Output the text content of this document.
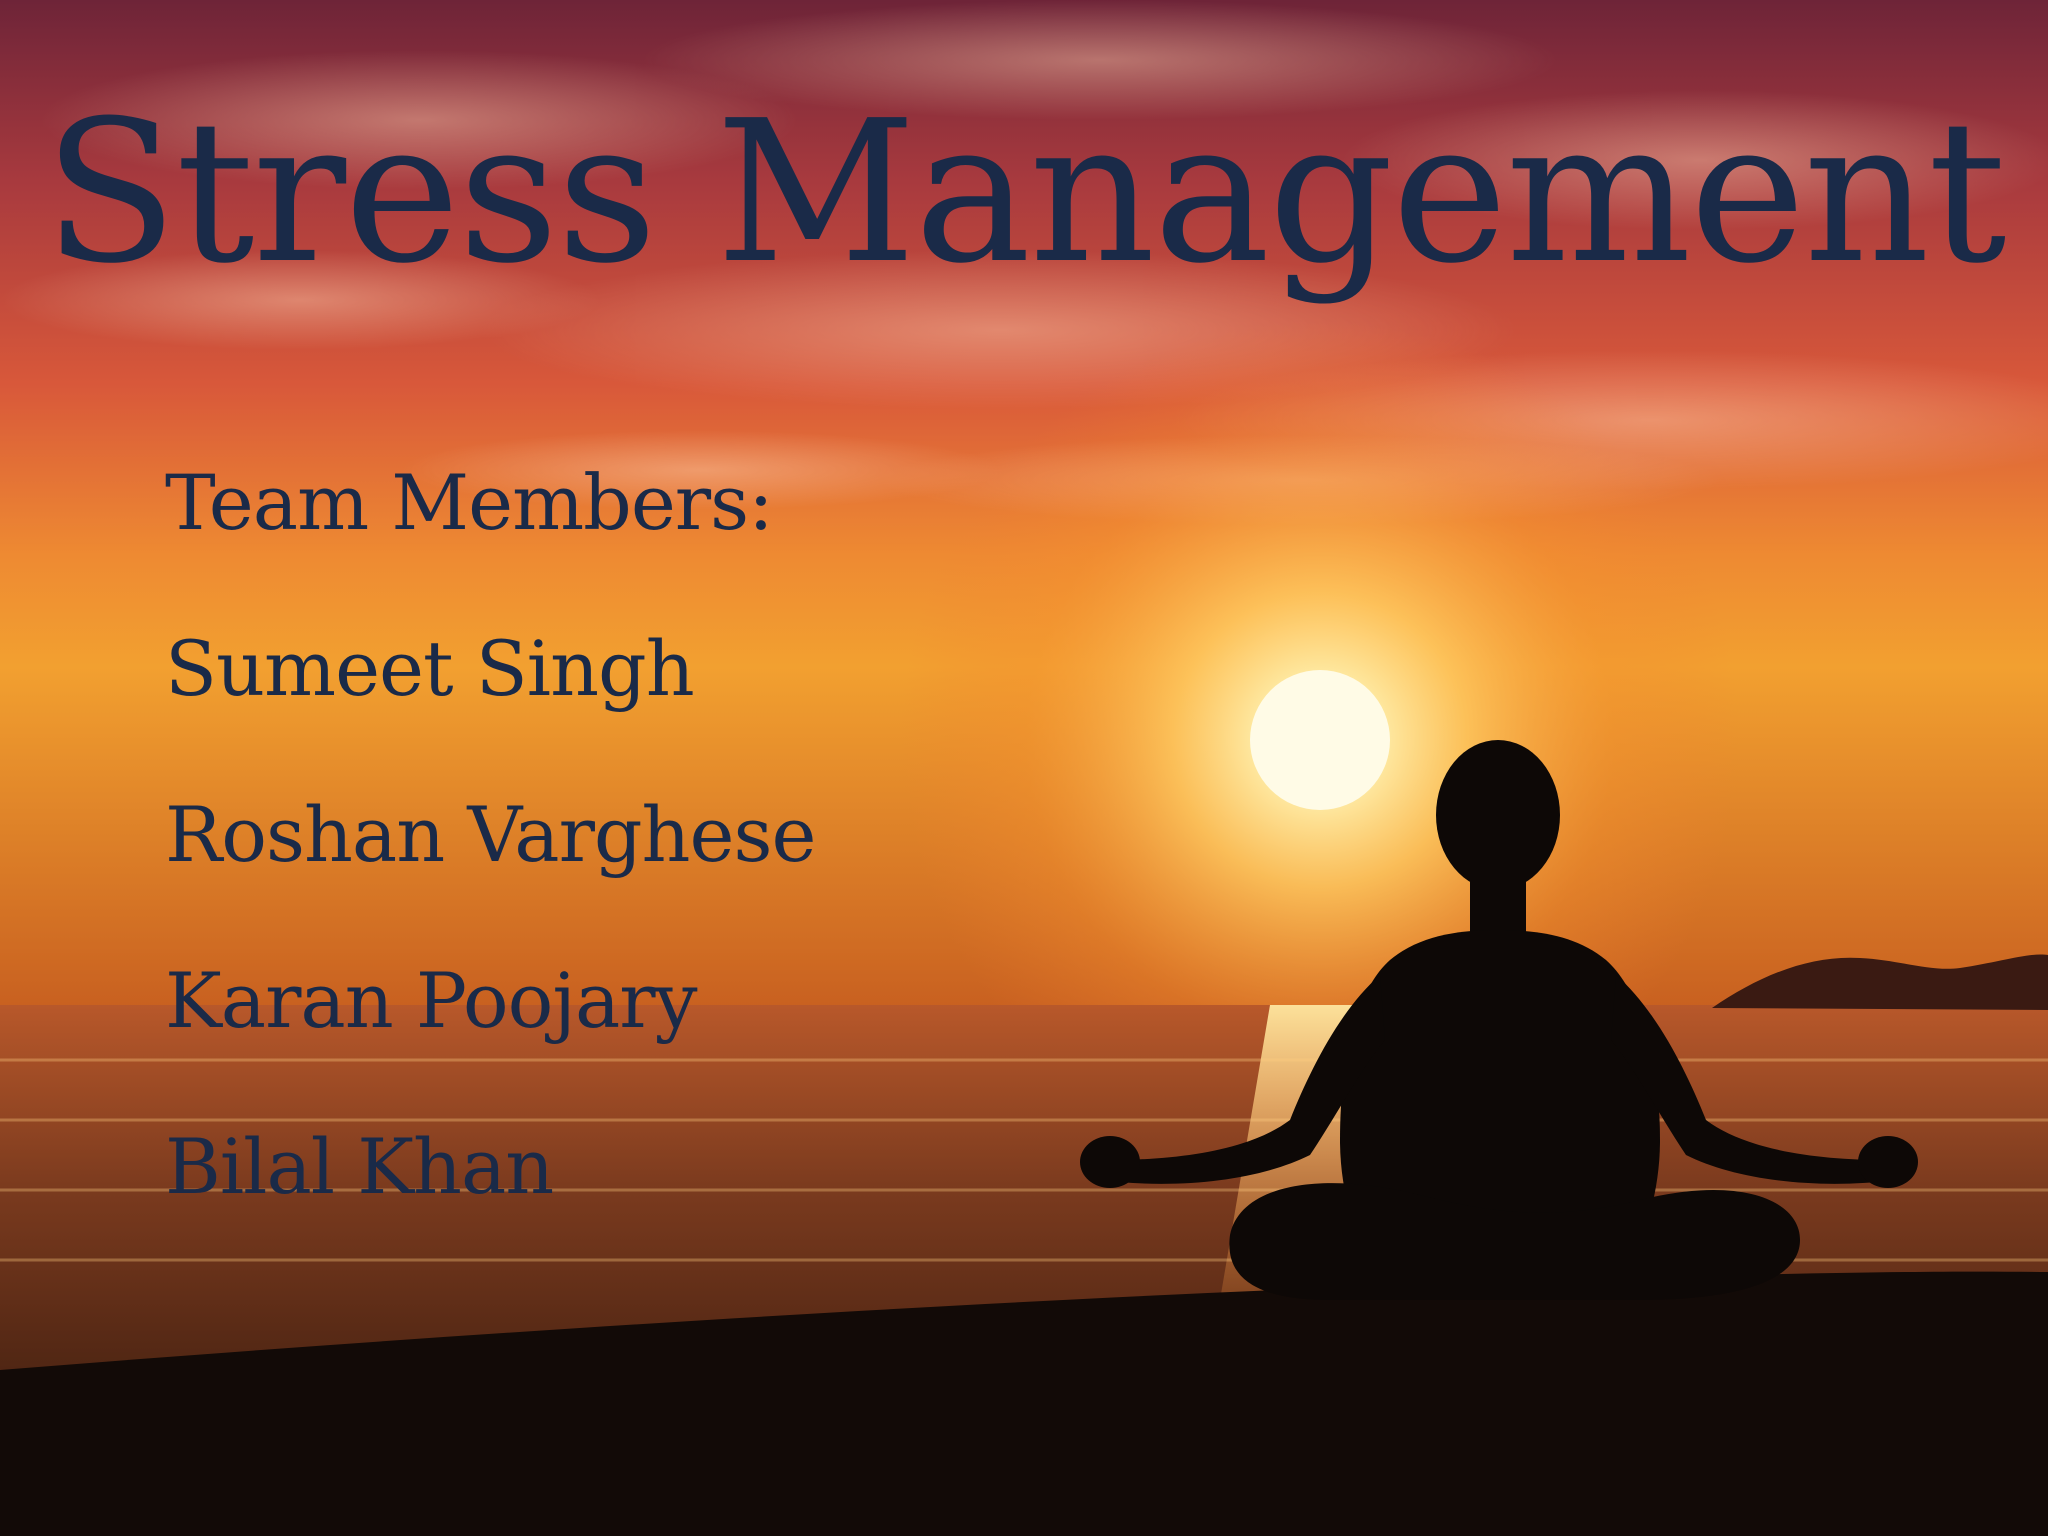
Stress Management
Team Members:
Sumeet Singh
Roshan Varghese
Karan Poojary
Bilal Khan
